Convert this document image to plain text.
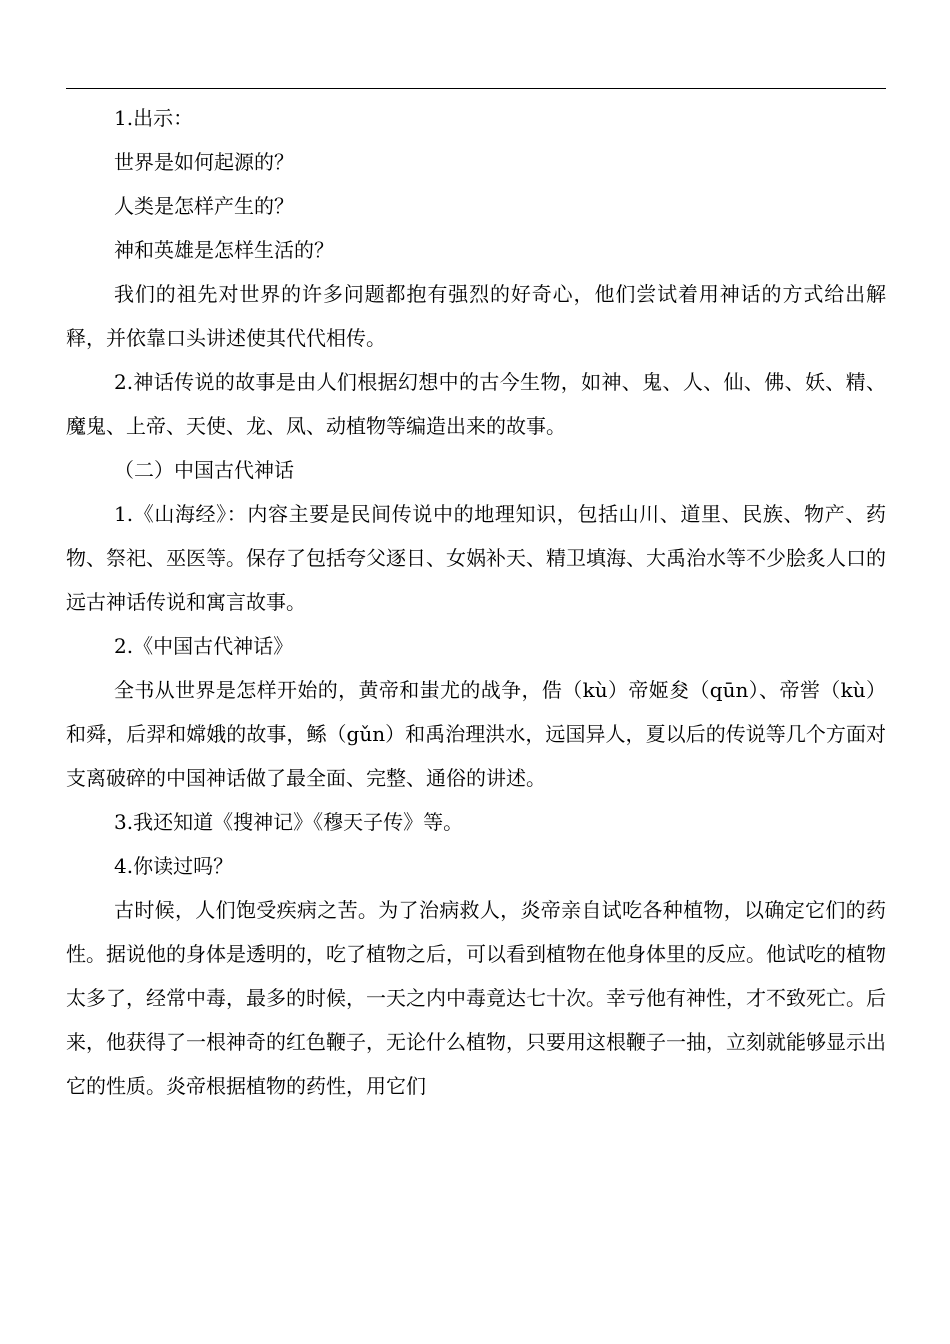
1.出示：

世界是如何起源的？

人类是怎样产生的？

神和英雄是怎样生活的？

我们的祖先对世界的许多问题都抱有强烈的好奇心，他们尝试着用神话的方式给出解释，并依靠口头讲述使其代代相传。

2.神话传说的故事是由人们根据幻想中的古今生物，如神、鬼、人、仙、佛、妖、精、魔鬼、上帝、天使、龙、凤、动植物等编造出来的故事。

（二）中国古代神话

1.《山海经》：内容主要是民间传说中的地理知识，包括山川、道里、民族、物产、药物、祭祀、巫医等。保存了包括夸父逐日、女娲补天、精卫填海、大禹治水等不少脍炙人口的远古神话传说和寓言故事。

2.《中国古代神话》

全书从世界是怎样开始的，黄帝和蚩尤的战争，俈（kù）帝姬夋（qūn）、帝喾（kù）和舜，后羿和嫦娥的故事，鲧（gǔn）和禹治理洪水，远国异人，夏以后的传说等几个方面对支离破碎的中国神话做了最全面、完整、通俗的讲述。

3.我还知道《搜神记》《穆天子传》等。

4.你读过吗？

古时候，人们饱受疾病之苦。为了治病救人，炎帝亲自试吃各种植物，以确定它们的药性。据说他的身体是透明的，吃了植物之后，可以看到植物在他身体里的反应。他试吃的植物太多了，经常中毒，最多的时候，一天之内中毒竟达七十次。幸亏他有神性，才不致死亡。后来，他获得了一根神奇的红色鞭子，无论什么植物，只要用这根鞭子一抽，立刻就能够显示出它的性质。炎帝根据植物的药性，用它们
